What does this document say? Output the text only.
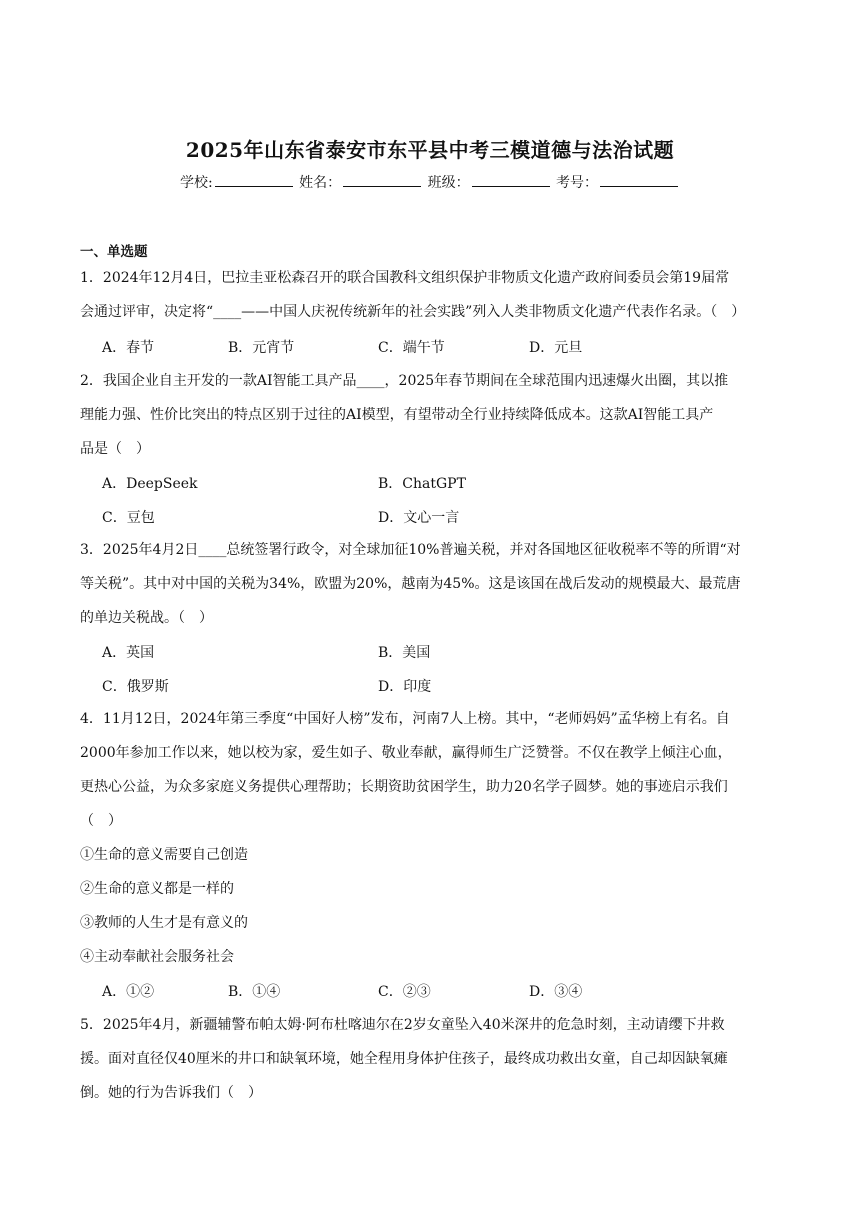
2025年山东省泰安市东平县中考三模道德与法治试题
学校:	姓名：	班级：	考号：
一、单选题
1．2024年12月4日，巴拉圭亚松森召开的联合国教科文组织保护非物质文化遗产政府间委员会第19届常
会通过评审，决定将“____——中国人庆祝传统新年的社会实践”列入人类非物质文化遗产代表作名录。（　）
A．春节	B．元宵节	C．端午节	D．元旦
2．我国企业自主开发的一款AI智能工具产品____，2025年春节期间在全球范围内迅速爆火出圈，其以推
理能力强、性价比突出的特点区别于过往的AI模型，有望带动全行业持续降低成本。这款AI智能工具产
品是（　）
A．DeepSeek	B．ChatGPT
C．豆包	D．文心一言
3．2025年4月2日____总统签署行政令，对全球加征10%普遍关税，并对各国地区征收税率不等的所谓“对
等关税”。其中对中国的关税为34%，欧盟为20%，越南为45%。这是该国在战后发动的规模最大、最荒唐
的单边关税战。（　）
A．英国	B．美国
C．俄罗斯	D．印度
4．11月12日，2024年第三季度“中国好人榜”发布，河南7人上榜。其中，“老师妈妈”孟华榜上有名。自
2000年参加工作以来，她以校为家，爱生如子、敬业奉献，赢得师生广泛赞誉。不仅在教学上倾注心血，
更热心公益，为众多家庭义务提供心理帮助；长期资助贫困学生，助力20名学子圆梦。她的事迹启示我们
（　）
①生命的意义需要自己创造
②生命的意义都是一样的
③教师的人生才是有意义的
④主动奉献社会服务社会
A．①②	B．①④	C．②③	D．③④
5．2025年4月，新疆辅警布帕太姆·阿布杜喀迪尔在2岁女童坠入40米深井的危急时刻，主动请缨下井救
援。面对直径仅40厘米的井口和缺氧环境，她全程用身体护住孩子，最终成功救出女童，自己却因缺氧瘫
倒。她的行为告诉我们（　）
